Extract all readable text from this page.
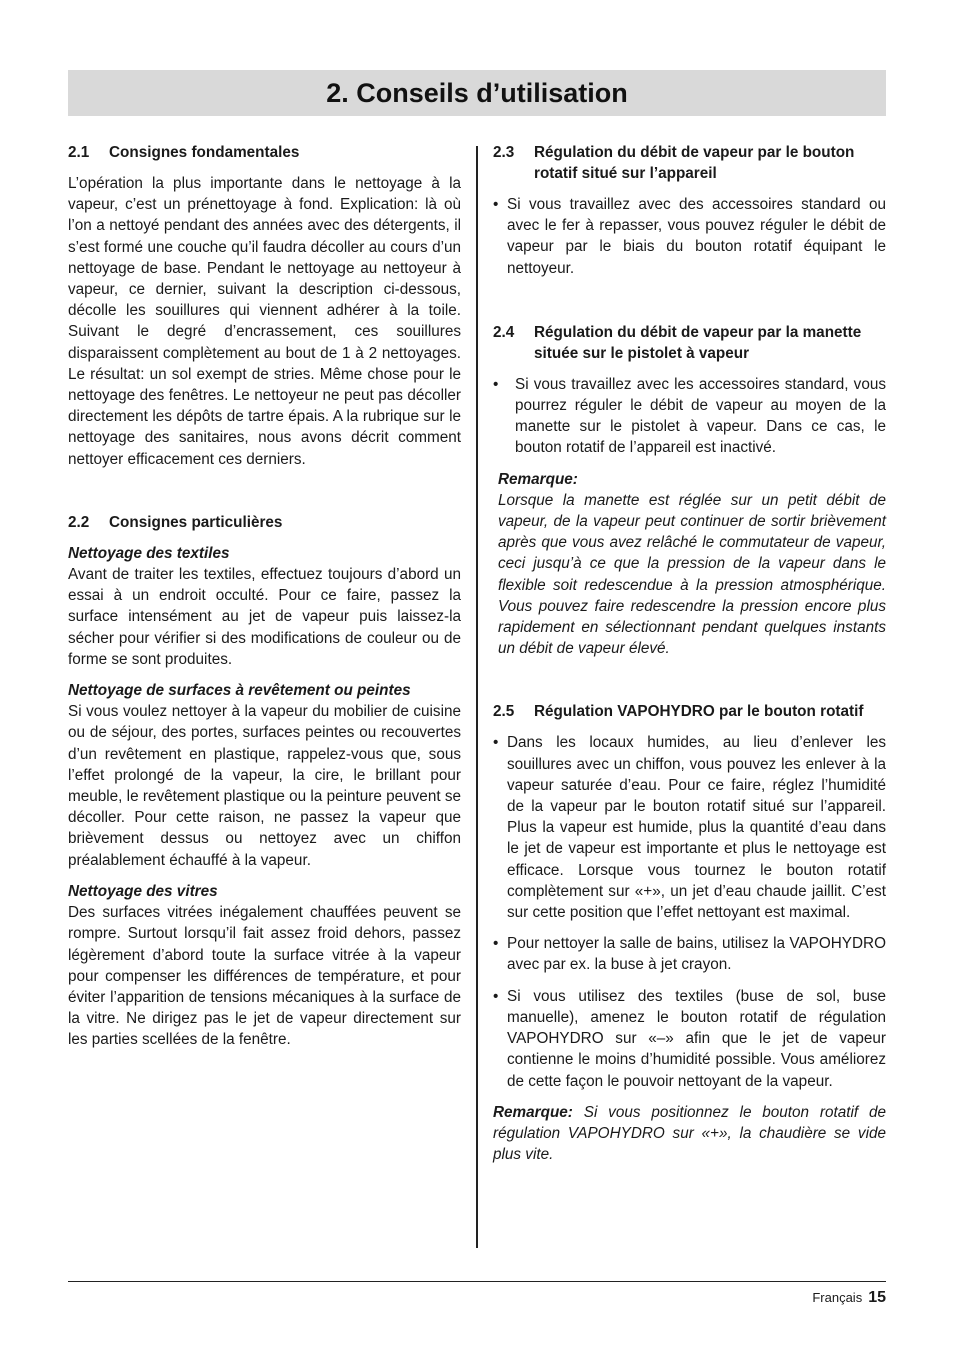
2. Conseils d’utilisation
2.1	Consignes fondamentales

L’opération la plus importante dans le nettoyage à la vapeur, c’est un prénettoyage à fond. Explication: là où l’on a nettoyé pendant des années avec des détergents, il s’est formé une couche qu’il faudra décoller au cours d’un nettoyage de base. Pendant le nettoyage au nettoyeur à vapeur, ce dernier, suivant la description ci-dessous, décolle les souillures qui viennent adhérer à la toile. Suivant le degré d’encrassement, ces souillures disparaissent complètement au bout de 1 à 2 nettoyages. Le résultat: un sol exempt de stries. Même chose pour le nettoyage des fenêtres. Le nettoyeur ne peut pas décoller directement les dépôts de tartre épais. A la rubrique sur le nettoyage des sanitaires, nous avons décrit comment nettoyer efficacement ces derniers.

2.2	Consignes particulières

Nettoyage des textiles
Avant de traiter les textiles, effectuez toujours d’abord un essai à un endroit occulté. Pour ce faire, passez la surface intensément au jet de vapeur puis laissez-la sécher pour vérifier si des modifications de couleur ou de forme se sont produites.

Nettoyage de surfaces à revêtement ou peintes
Si vous voulez nettoyer à la vapeur du mobilier de cuisine ou de séjour, des portes, surfaces peintes ou recouvertes d’un revêtement en plastique, rappelez-vous que, sous l’effet prolongé de la vapeur, la cire, le brillant pour meuble, le revêtement plastique ou la peinture peuvent se décoller. Pour cette raison, ne passez la vapeur que brièvement dessus ou nettoyez avec un chiffon préalablement échauffé à la vapeur.

Nettoyage des vitres
Des surfaces vitrées inégalement chauffées peuvent se rompre. Surtout lorsqu’il fait assez froid dehors, passez légèrement d’abord toute la surface vitrée à la vapeur pour compenser les différences de température, et pour éviter l’apparition de tensions mécaniques à la surface de la vitre. Ne dirigez pas le jet de vapeur directement sur les parties scellées de la fenêtre.

2.3	Régulation du débit de vapeur par le bouton rotatif situé sur l’appareil
• Si vous travaillez avec des accessoires standard ou avec le fer à repasser, vous pouvez réguler le débit de vapeur par le biais du bouton rotatif équipant le nettoyeur.
2.4	Régulation du débit de vapeur par la manette située sur le pistolet à vapeur
• Si vous travaillez avec les accessoires standard, vous pourrez réguler le débit de vapeur au moyen de la manette sur le pistolet à vapeur. Dans ce cas, le bouton rotatif de l’appareil est inactivé.
Remarque:
Lorsque la manette est réglée sur un petit débit de vapeur, de la vapeur peut continuer de sortir brièvement après que vous avez relâché le commutateur de vapeur, ceci jusqu’à ce que la pression de la vapeur dans le flexible soit redescendue à la pression atmosphérique. Vous pouvez faire redescendre la pression encore plus rapidement en sélectionnant pendant quelques instants un débit de vapeur élevé.
2.5	Régulation VAPOHYDRO par le bouton rotatif
• Dans les locaux humides, au lieu d’enlever les souillures avec un chiffon, vous pouvez les enlever à la vapeur saturée d’eau. Pour ce faire, réglez l’humidité de la vapeur par le bouton rotatif situé sur l’appareil. Plus la vapeur est humide, plus la quantité d’eau dans le jet de vapeur est importante et plus le nettoyage est efficace. Lorsque vous tournez le bouton rotatif complètement sur «+», un jet d’eau chaude jaillit. C’est sur cette position que l’effet nettoyant est maximal.
• Pour nettoyer la salle de bains, utilisez la VAPOHYDRO avec par ex. la buse à jet crayon.
• Si vous utilisez des textiles (buse de sol, buse manuelle), amenez le bouton rotatif de régulation VAPOHYDRO sur «–» afin que le jet de vapeur contienne le moins d’humidité possible. Vous améliorez de cette façon le pouvoir nettoyant de la vapeur.

Remarque: Si vous positionnez le bouton rotatif de régulation VAPOHYDRO sur «+», la chaudière se vide plus vite.

Français 15
